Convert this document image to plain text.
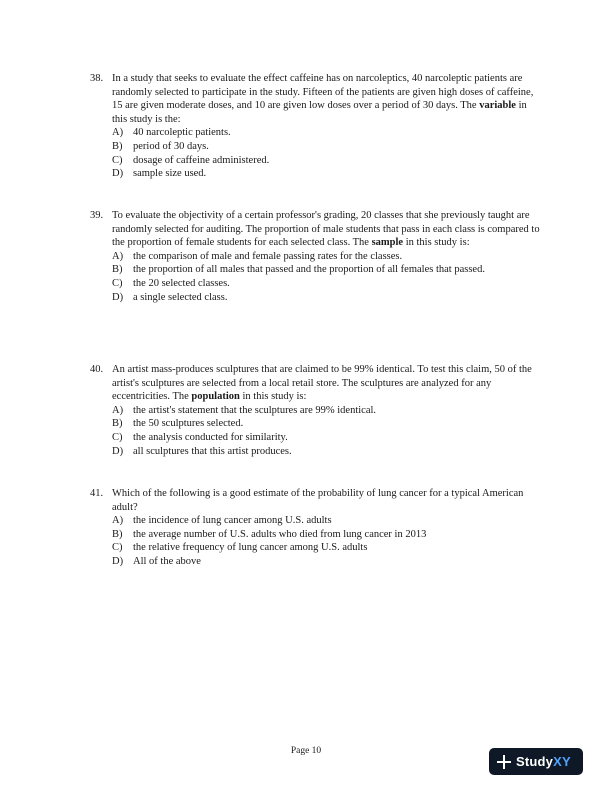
38. In a study that seeks to evaluate the effect caffeine has on narcoleptics, 40 narcoleptic patients are randomly selected to participate in the study. Fifteen of the patients are given high doses of caffeine, 15 are given moderate doses, and 10 are given low doses over a period of 30 days. The variable in this study is the:

A) 40 narcoleptic patients.
B) period of 30 days.
C) dosage of caffeine administered.
D) sample size used.

39. To evaluate the objectivity of a certain professor's grading, 20 classes that she previously taught are randomly selected for auditing. The proportion of male students that pass in each class is compared to the proportion of female students for each selected class. The sample in this study is:

A) the comparison of male and female passing rates for the classes.
B) the proportion of all males that passed and the proportion of all females that passed.
C) the 20 selected classes.
D) a single selected class.

40. An artist mass-produces sculptures that are claimed to be 99% identical. To test this claim, 50 of the artist's sculptures are selected from a local retail store. The sculptures are analyzed for any eccentricities. The population in this study is:

A) the artist's statement that the sculptures are 99% identical.
B) the 50 sculptures selected.
C) the analysis conducted for similarity.
D) all sculptures that this artist produces.

41. Which of the following is a good estimate of the probability of lung cancer for a typical American adult?

A) the incidence of lung cancer among U.S. adults
B) the average number of U.S. adults who died from lung cancer in 2013
C) the relative frequency of lung cancer among U.S. adults
D) All of the above
Page 10
StudyXY
